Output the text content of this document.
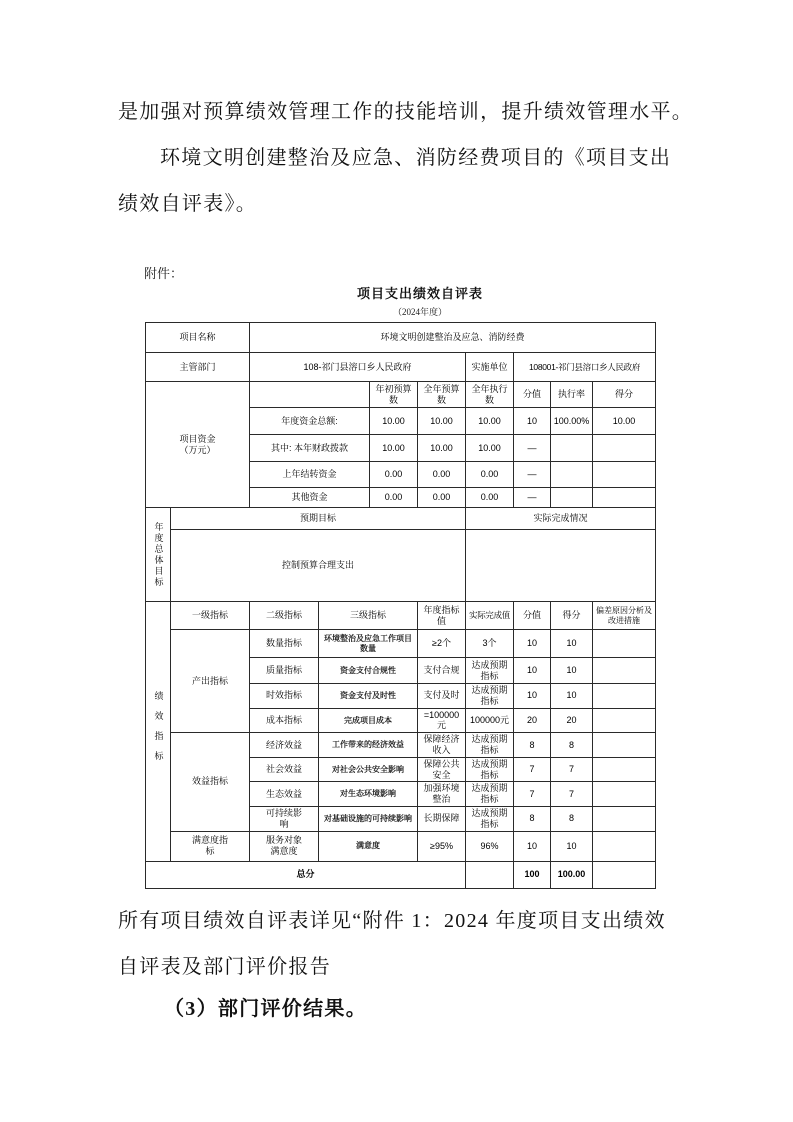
是加强对预算绩效管理工作的技能培训，提升绩效管理水平。
环境文明创建整治及应急、消防经费项目的《项目支出
绩效自评表》。
附件：
项目支出绩效自评表
（2024年度）
项目名称		环境文明创建整治及应急、消防经费							
主管部门		108-祁门县溶口乡人民政府				实施单位	108001-祁门县溶口乡人民政府		

项目资金
（万元）				年初预算数	全年预算数	全年执行数	分值	执行率	得分
		年度资金总额:		10.00	10.00	10.00	10	100.00%	10.00
		其中: 本年财政拨款		10.00	10.00	10.00	—		
		上年结转资金		0.00	0.00	0.00	—		
		其他资金		0.00	0.00	0.00	—		

年度总体目标	预期目标					实际完成情况			
	控制预算合理支出								

绩效指标	一级指标	二级指标	三级指标		年度指标值	实际完成值	分值	得分	偏差原因分析及改进措施
	产出指标	数量指标	环境整治及应急工作项目数量		≥2个	3个	10	10	
		质量指标	资金支付合规性		支付合规	达成预期指标	10	10	
		时效指标	资金支付及时性		支付及时	达成预期指标	10	10	
		成本指标	完成项目成本		=100000元	100000元	20	20	
	效益指标	经济效益	工作带来的经济效益		保障经济收入	达成预期指标	8	8	
		社会效益	对社会公共安全影响		保障公共安全	达成预期指标	7	7	
		生态效益	对生态环境影响		加强环境整治	达成预期指标	7	7	
		可持续影响	对基础设施的可持续影响		长期保障	达成预期指标	8	8	
	满意度指标	服务对象满意度	满意度		≥95%	96%	10	10	
总分							100	100.00	
所有项目绩效自评表详见“附件 1：2024 年度项目支出绩效
自评表及部门评价报告
（3）部门评价结果。
